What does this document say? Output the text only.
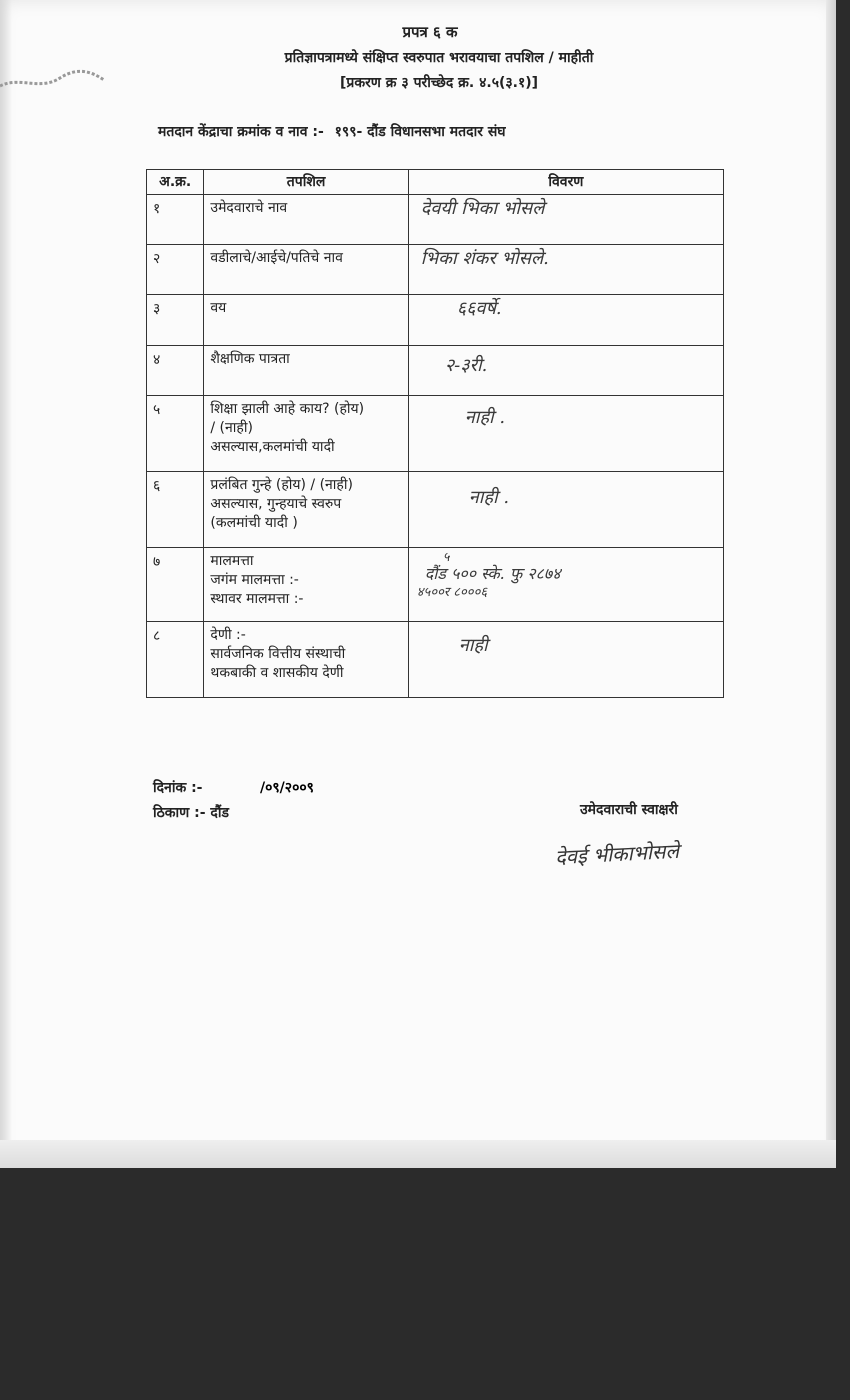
प्रपत्र ६ क
प्रतिज्ञापत्रामध्ये संक्षिप्त स्वरुपात भरावयाचा तपशिल / माहीती
[प्रकरण क्र ३ परीच्छेद क्र. ४.५(३.१)]
मतदान केंद्राचा क्रमांक व नाव :- १९९- दौंड विधानसभा मतदार संघ
अ.क्र.	तपशिल	विवरण
१	उमेदवाराचे नाव	देवयी भिका भोसले

२	वडीलाचे/आईचे/पतिचे नाव	भिका शंकर भोसले.

३	वय	६६वर्षे.

४	शैक्षणिक पात्रता	२-३री.

५	शिक्षा झाली आहे काय? (होय)
/ (नाही)
असल्यास,कलमांची यादी	नाही .

६	प्रलंबित गुन्हे (होय) / (नाही)
असल्यास, गुन्हयाचे स्वरुप
(कलमांची यादी )	नाही .

७	मालमत्ता
जगंम मालमत्ता :-
स्थावर मालमत्ता :-	५
दौंड ५०० स्के. फु २८७४
४५००र ८०००६

८	देणी :-
सार्वजनिक वित्तीय संस्थाची
थकबाकी व शासकीय देणी	नाही
दिनांक :-	/०९/२००९
ठिकाण :- दौंड	उमेदवाराची स्वाक्षरी
देवई भीकाभोसले
